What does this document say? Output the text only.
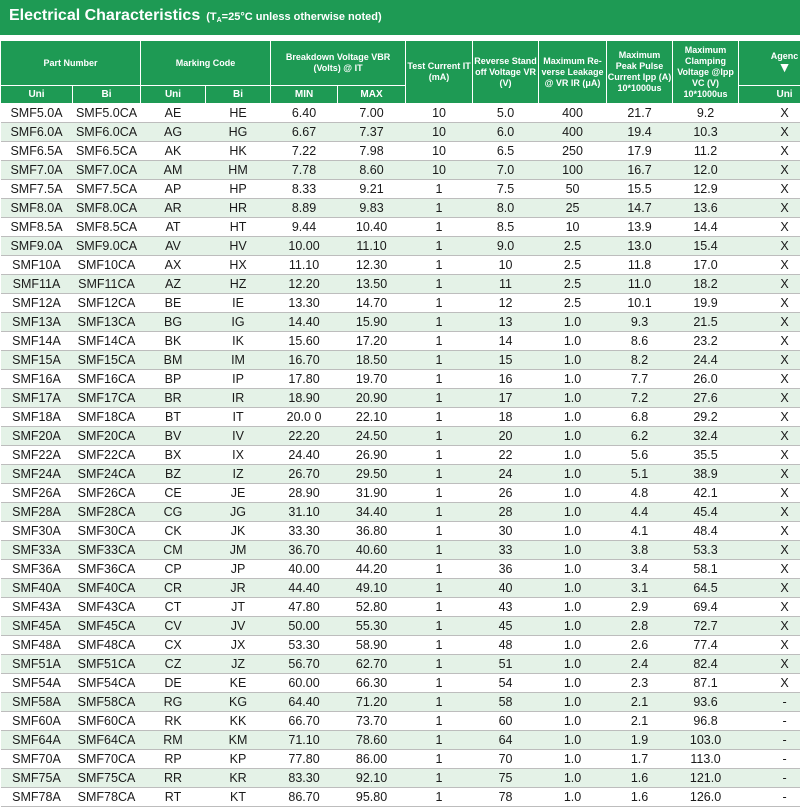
Electrical Characteristics ($T_A=25^\circ C$ unless otherwise noted)
Part Number		Marking Code		Breakdown Voltage VBR (Volts) @ IT		Test Current IT (mA)	Reverse Stand off Voltage VR (V)	Maximum Re-verse Leakage @ VR IR (μA)	Maximum Peak Pulse Current Ipp (A)
10*1000us	Maximum Clamping Voltage @Ipp VC (V)
10*1000us	Agenc
▼
Uni	Bi	Uni	Bi	MIN	MAX						Uni
SMF5.0A	SMF5.0CA	AE	HE	6.40	7.00	10	5.0	400	21.7	9.2	X
SMF6.0A	SMF6.0CA	AG	HG	6.67	7.37	10	6.0	400	19.4	10.3	X
SMF6.5A	SMF6.5CA	AK	HK	7.22	7.98	10	6.5	250	17.9	11.2	X
SMF7.0A	SMF7.0CA	AM	HM	7.78	8.60	10	7.0	100	16.7	12.0	X
SMF7.5A	SMF7.5CA	AP	HP	8.33	9.21	1	7.5	50	15.5	12.9	X
SMF8.0A	SMF8.0CA	AR	HR	8.89	9.83	1	8.0	25	14.7	13.6	X
SMF8.5A	SMF8.5CA	AT	HT	9.44	10.40	1	8.5	10	13.9	14.4	X
SMF9.0A	SMF9.0CA	AV	HV	10.00	11.10	1	9.0	2.5	13.0	15.4	X
SMF10A	SMF10CA	AX	HX	11.10	12.30	1	10	2.5	11.8	17.0	X
SMF11A	SMF11CA	AZ	HZ	12.20	13.50	1	11	2.5	11.0	18.2	X
SMF12A	SMF12CA	BE	IE	13.30	14.70	1	12	2.5	10.1	19.9	X
SMF13A	SMF13CA	BG	IG	14.40	15.90	1	13	1.0	9.3	21.5	X
SMF14A	SMF14CA	BK	IK	15.60	17.20	1	14	1.0	8.6	23.2	X
SMF15A	SMF15CA	BM	IM	16.70	18.50	1	15	1.0	8.2	24.4	X
SMF16A	SMF16CA	BP	IP	17.80	19.70	1	16	1.0	7.7	26.0	X
SMF17A	SMF17CA	BR	IR	18.90	20.90	1	17	1.0	7.2	27.6	X
SMF18A	SMF18CA	BT	IT	20.0 0	22.10	1	18	1.0	6.8	29.2	X
SMF20A	SMF20CA	BV	IV	22.20	24.50	1	20	1.0	6.2	32.4	X
SMF22A	SMF22CA	BX	IX	24.40	26.90	1	22	1.0	5.6	35.5	X
SMF24A	SMF24CA	BZ	IZ	26.70	29.50	1	24	1.0	5.1	38.9	X
SMF26A	SMF26CA	CE	JE	28.90	31.90	1	26	1.0	4.8	42.1	X
SMF28A	SMF28CA	CG	JG	31.10	34.40	1	28	1.0	4.4	45.4	X
SMF30A	SMF30CA	CK	JK	33.30	36.80	1	30	1.0	4.1	48.4	X
SMF33A	SMF33CA	CM	JM	36.70	40.60	1	33	1.0	3.8	53.3	X
SMF36A	SMF36CA	CP	JP	40.00	44.20	1	36	1.0	3.4	58.1	X
SMF40A	SMF40CA	CR	JR	44.40	49.10	1	40	1.0	3.1	64.5	X
SMF43A	SMF43CA	CT	JT	47.80	52.80	1	43	1.0	2.9	69.4	X
SMF45A	SMF45CA	CV	JV	50.00	55.30	1	45	1.0	2.8	72.7	X
SMF48A	SMF48CA	CX	JX	53.30	58.90	1	48	1.0	2.6	77.4	X
SMF51A	SMF51CA	CZ	JZ	56.70	62.70	1	51	1.0	2.4	82.4	X
SMF54A	SMF54CA	DE	KE	60.00	66.30	1	54	1.0	2.3	87.1	X
SMF58A	SMF58CA	RG	KG	64.40	71.20	1	58	1.0	2.1	93.6	-
SMF60A	SMF60CA	RK	KK	66.70	73.70	1	60	1.0	2.1	96.8	-
SMF64A	SMF64CA	RM	KM	71.10	78.60	1	64	1.0	1.9	103.0	-
SMF70A	SMF70CA	RP	KP	77.80	86.00	1	70	1.0	1.7	113.0	-
SMF75A	SMF75CA	RR	KR	83.30	92.10	1	75	1.0	1.6	121.0	-
SMF78A	SMF78CA	RT	KT	86.70	95.80	1	78	1.0	1.6	126.0	-
